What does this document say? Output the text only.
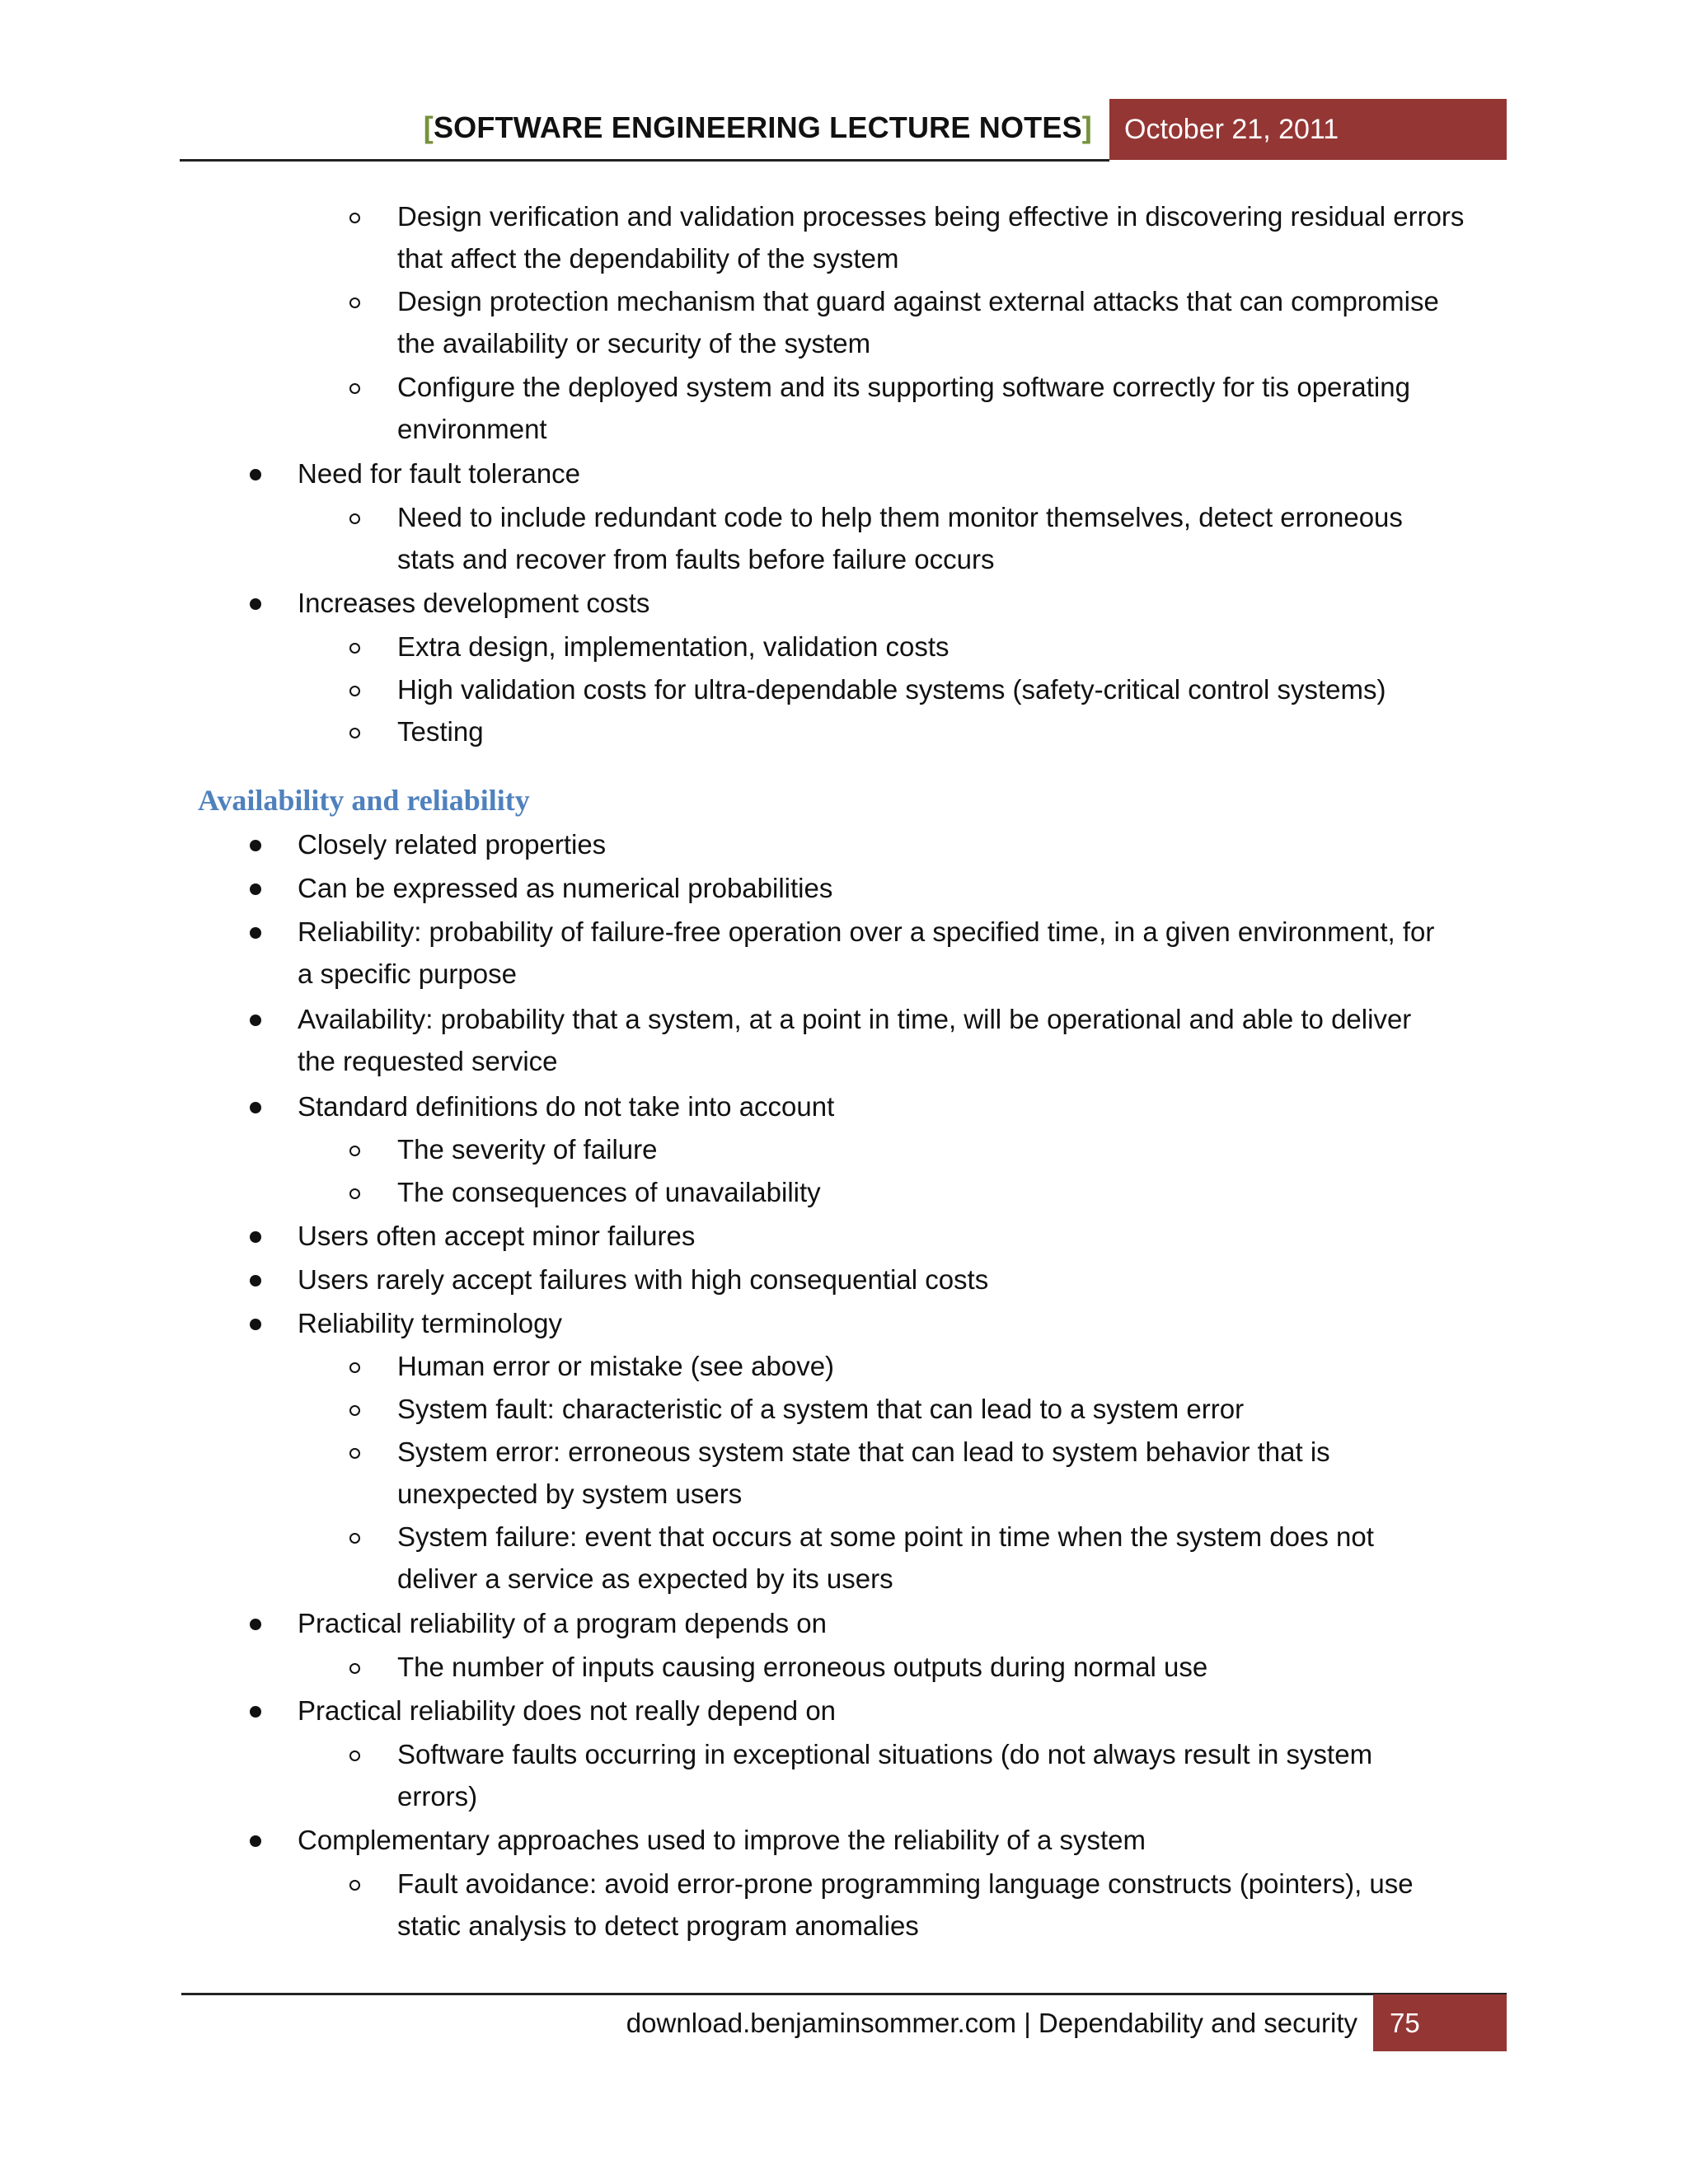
[SOFTWARE ENGINEERING LECTURE NOTES] October 21, 2011
Design verification and validation processes being effective in discovering residual errors
that affect the dependability of the system
Design protection mechanism that guard against external attacks that can compromise
the availability or security of the system
Configure the deployed system and its supporting software correctly for tis operating
environment
Need for fault tolerance
Need to include redundant code to help them monitor themselves, detect erroneous
stats and recover from faults before failure occurs
Increases development costs
Extra design, implementation, validation costs
High validation costs for ultra-dependable systems (safety-critical control systems)
Testing
Availability and reliability
Closely related properties
Can be expressed as numerical probabilities
Reliability: probability of failure-free operation over a specified time, in a given environment, for
a specific purpose
Availability: probability that a system, at a point in time, will be operational and able to deliver
the requested service
Standard definitions do not take into account
The severity of failure
The consequences of unavailability
Users often accept minor failures
Users rarely accept failures with high consequential costs
Reliability terminology
Human error or mistake (see above)
System fault: characteristic of a system that can lead to a system error
System error: erroneous system state that can lead to system behavior that is
unexpected by system users
System failure: event that occurs at some point in time when the system does not
deliver a service as expected by its users
Practical reliability of a program depends on
The number of inputs causing erroneous outputs during normal use
Practical reliability does not really depend on
Software faults occurring in exceptional situations (do not always result in system
errors)
Complementary approaches used to improve the reliability of a system
Fault avoidance: avoid error-prone programming language constructs (pointers), use
static analysis to detect program anomalies
download.benjaminsommer.com | Dependability and security 75
